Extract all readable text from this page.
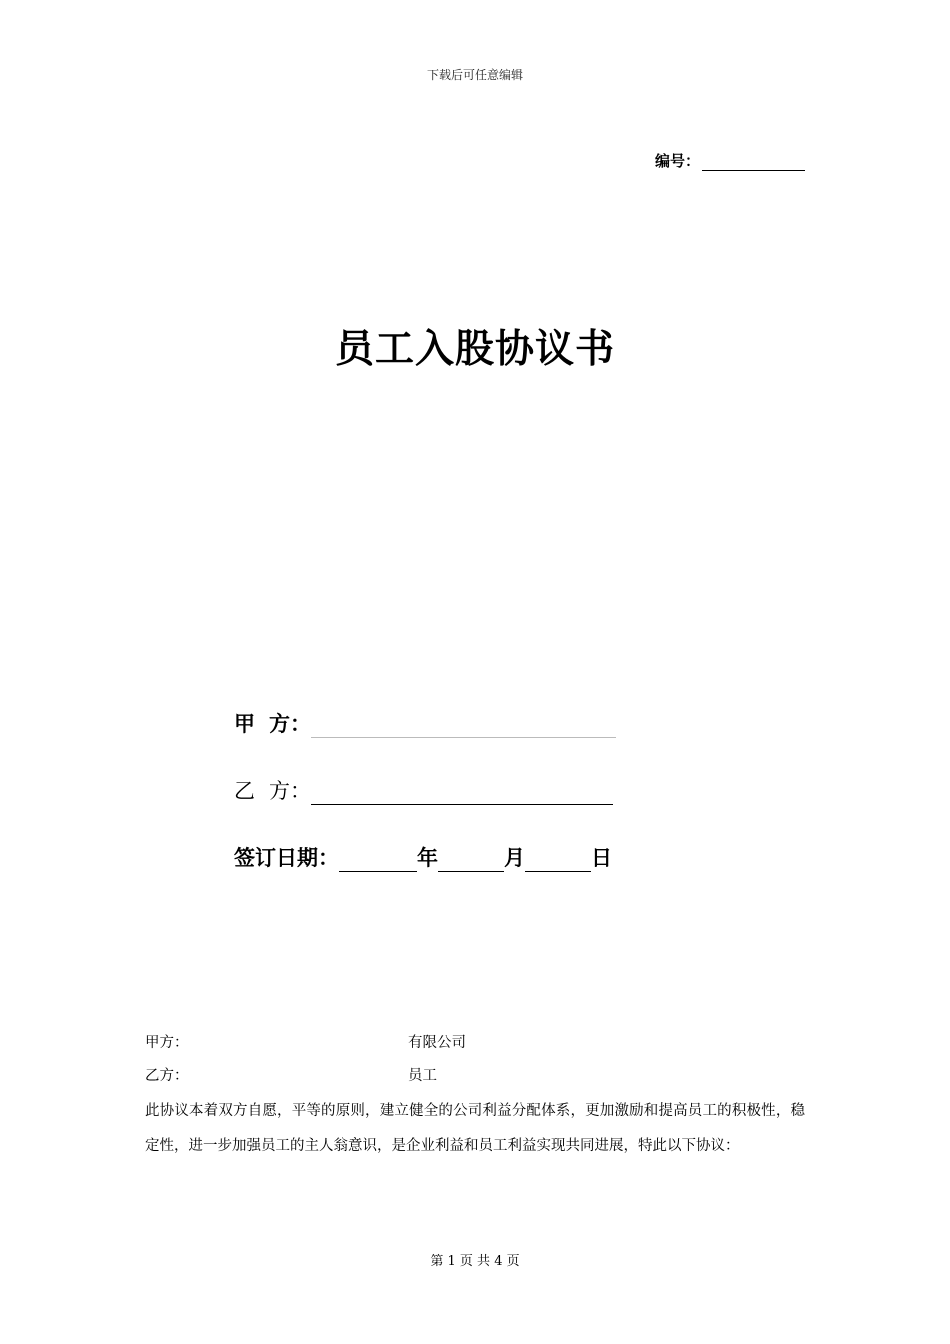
下载后可任意编辑
编号：
员工入股协议书
甲 方：
乙 方：
签订日期：	年	月	日
甲方：	有限公司
乙方：	员工
此协议本着双方自愿，平等的原则，建立健全的公司利益分配体系，更加激励和提高员工的积极性，稳定性，进一步加强员工的主人翁意识，是企业利益和员工利益实现共同进展，特此以下协议：
第 1 页 共 4 页
